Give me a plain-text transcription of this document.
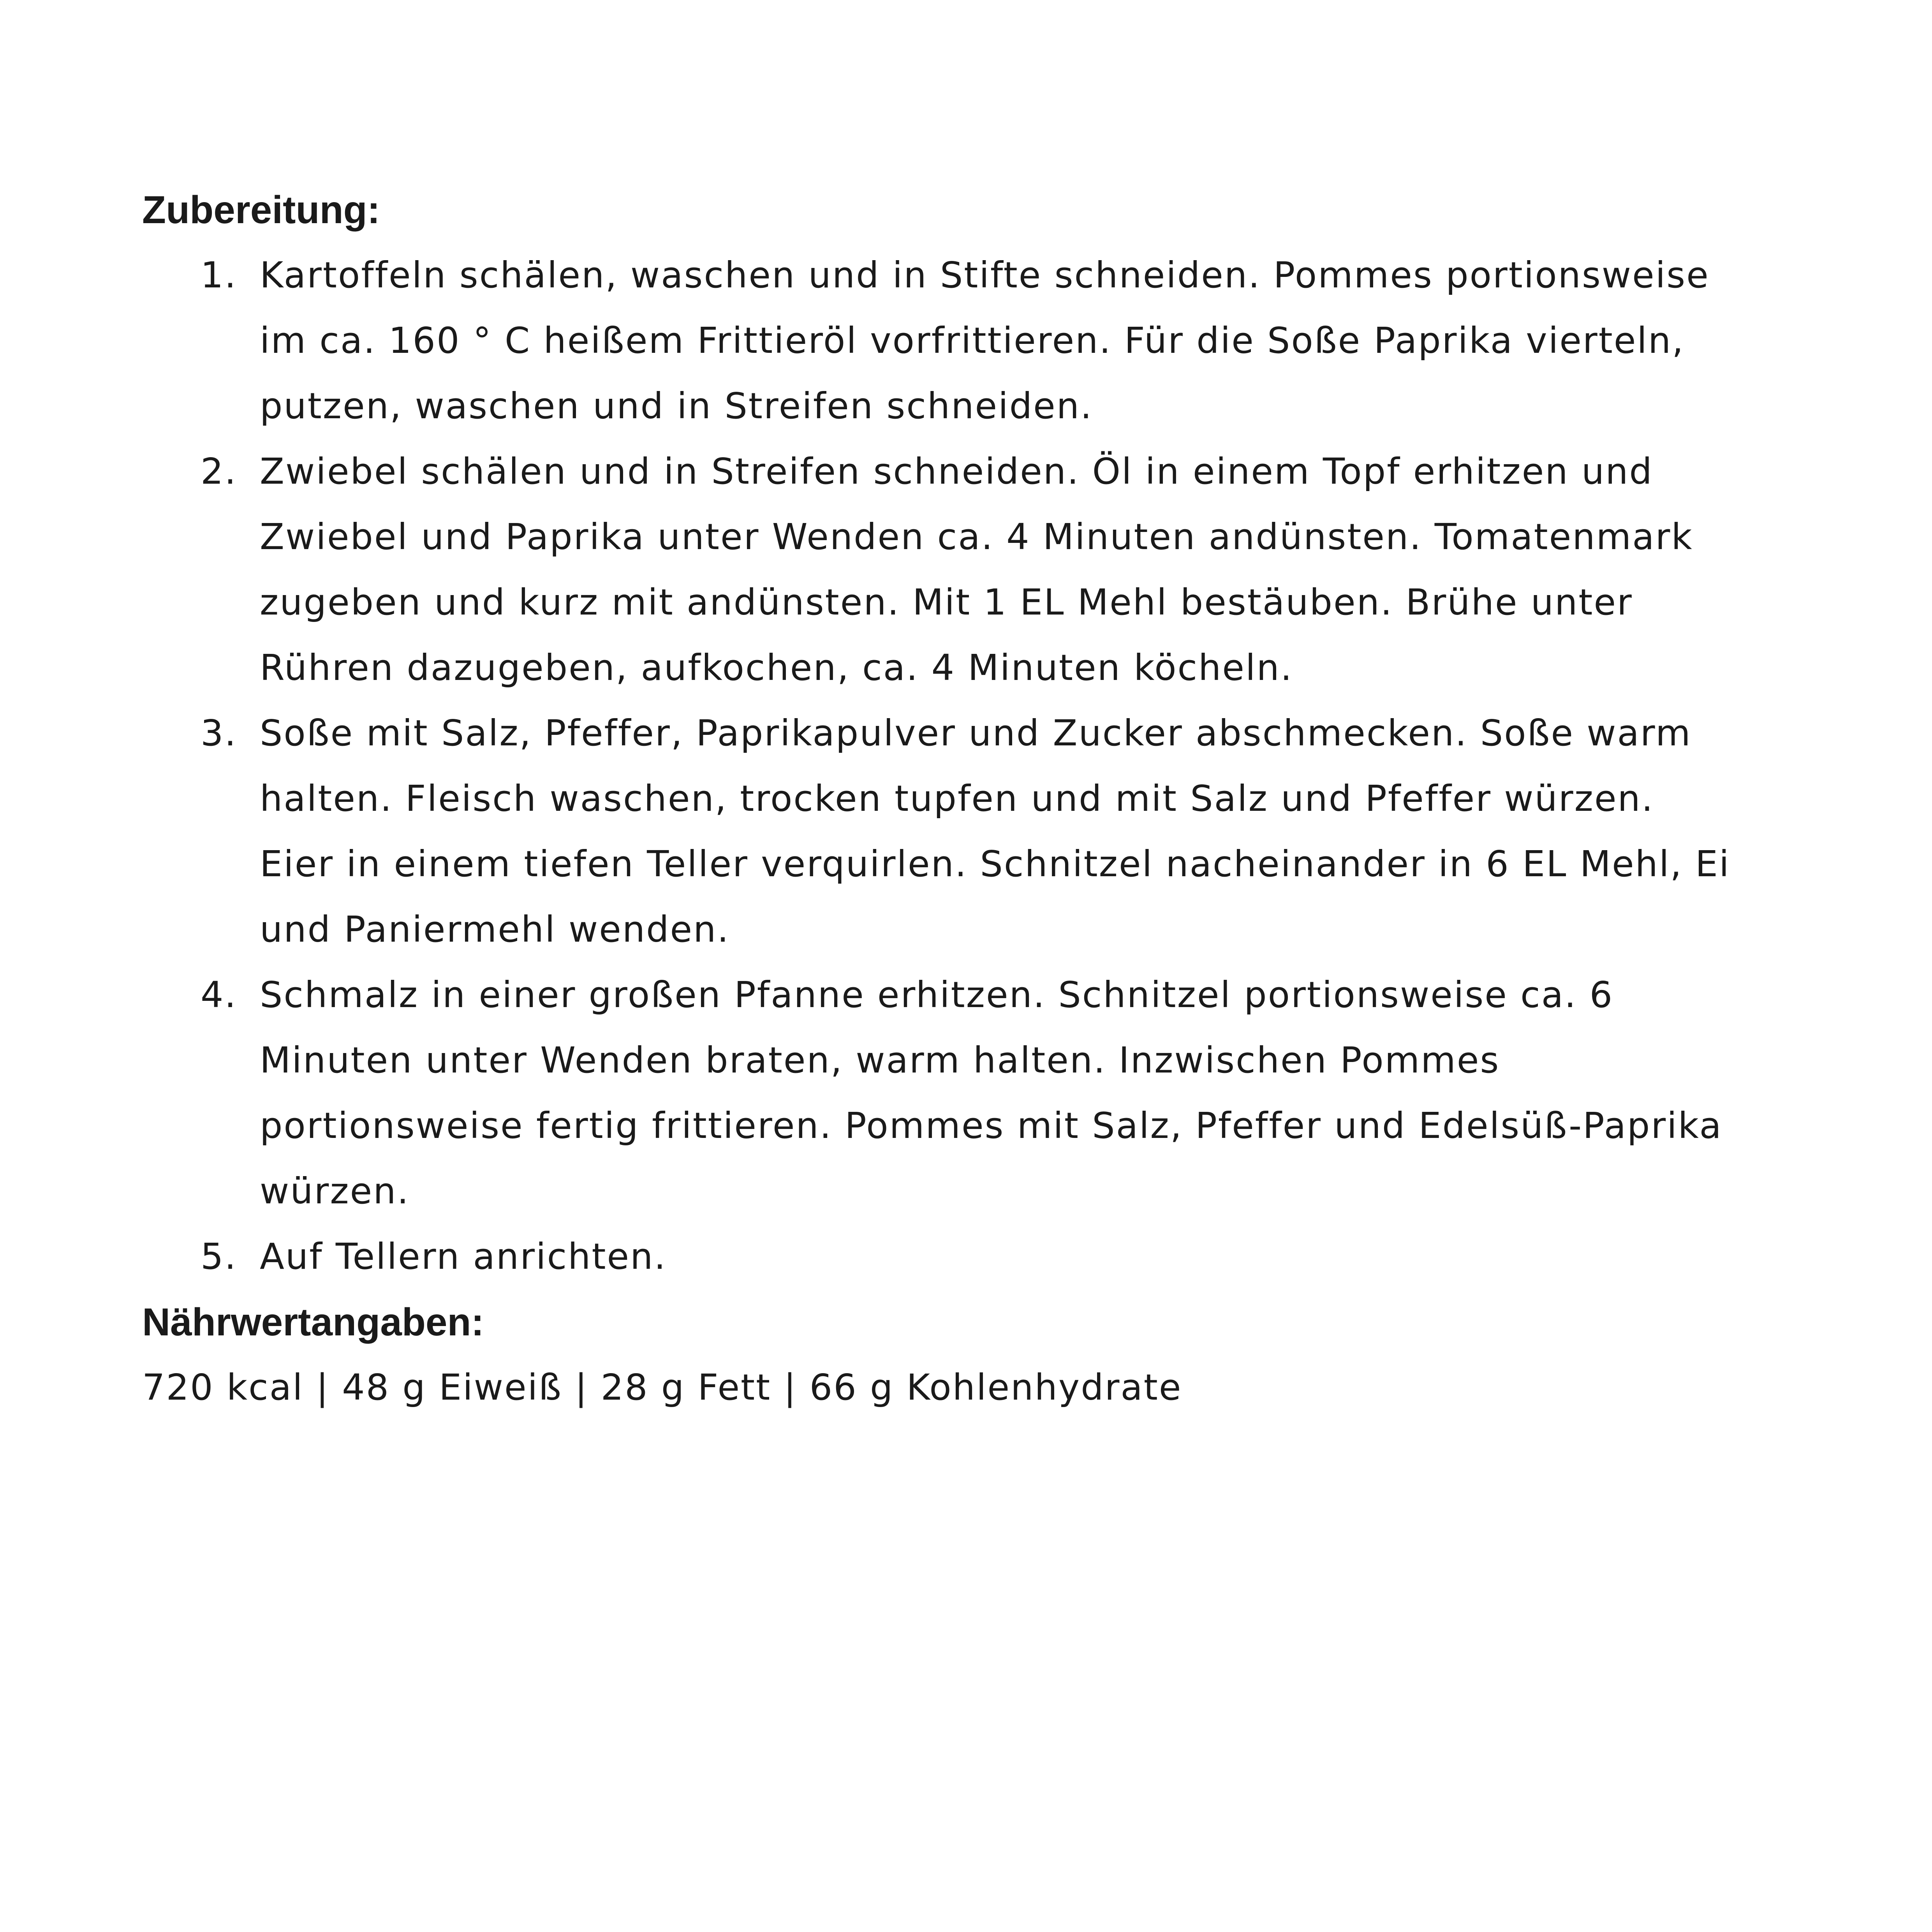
Zubereitung:
1. Kartoffeln schälen, waschen und in Stifte schneiden. Pommes portionsweise im ca. 160 ° C heißem Frittieröl vorfrittieren. Für die Soße Paprika vierteln, putzen, waschen und in Streifen schneiden.
2. Zwiebel schälen und in Streifen schneiden. Öl in einem Topf erhitzen und Zwiebel und Paprika unter Wenden ca. 4 Minuten andünsten. Tomatenmark zugeben und kurz mit andünsten. Mit 1 EL Mehl bestäuben. Brühe unter Rühren dazugeben, aufkochen, ca. 4 Minuten köcheln.
3. Soße mit Salz, Pfeffer, Paprikapulver und Zucker abschmecken. Soße warm halten. Fleisch waschen, trocken tupfen und mit Salz und Pfeffer würzen. Eier in einem tiefen Teller verquirlen. Schnitzel nacheinander in 6 EL Mehl, Ei und Paniermehl wenden.
4. Schmalz in einer großen Pfanne erhitzen. Schnitzel portionsweise ca. 6 Minuten unter Wenden braten, warm halten. Inzwischen Pommes portionsweise fertig frittieren. Pommes mit Salz, Pfeffer und Edelsüß-Paprika würzen.
5. Auf Tellern anrichten.
Nährwertangaben:

720 kcal | 48 g Eiweiß | 28 g Fett | 66 g Kohlenhydrate
